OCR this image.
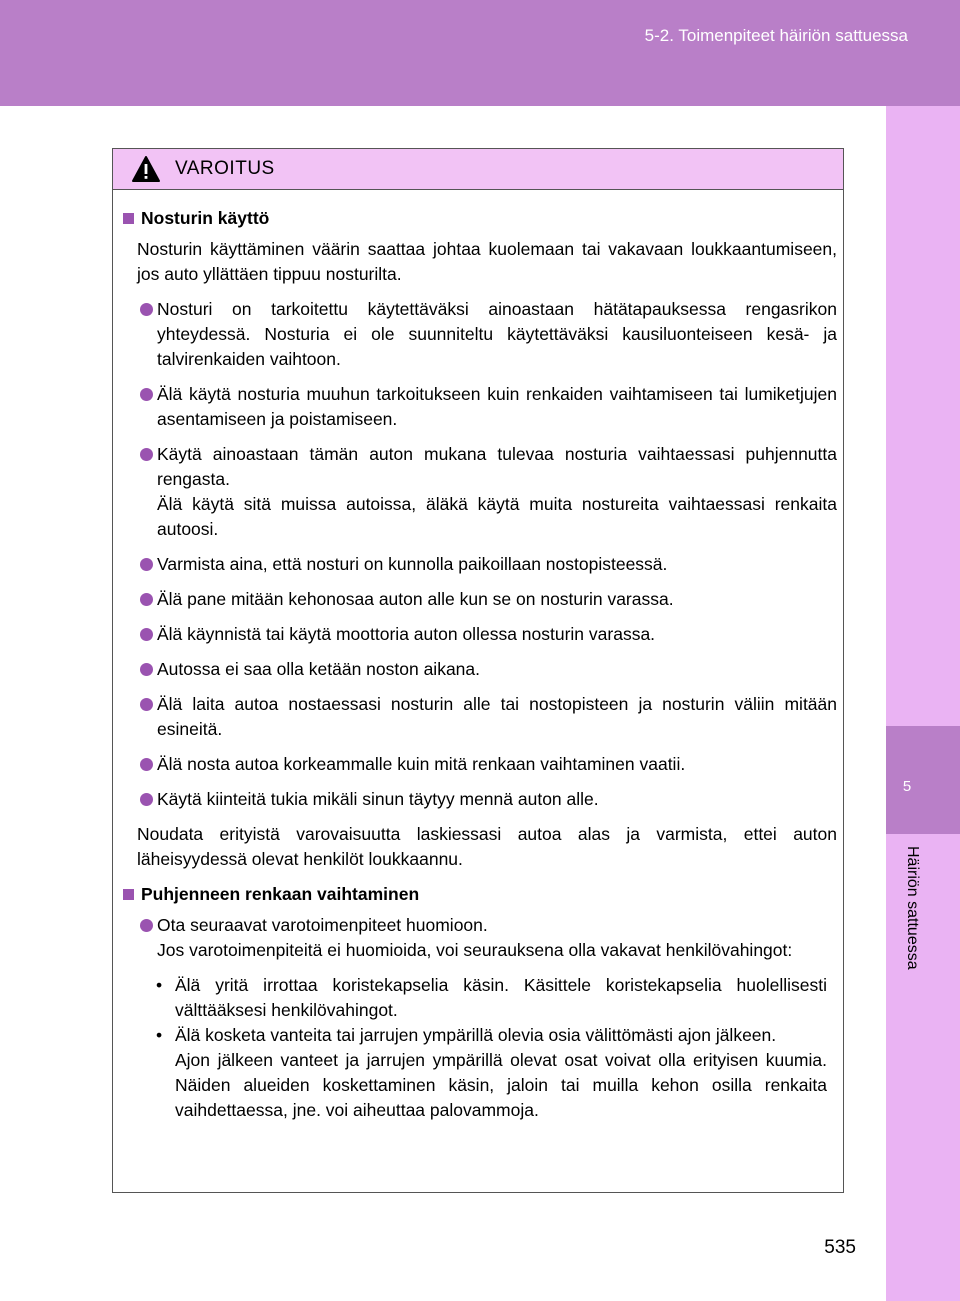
5-2. Toimenpiteet häiriön sattuessa
5
Häiriön sattuessa
VAROITUS
Nosturin käyttö
Nosturin käyttäminen väärin saattaa johtaa kuolemaan tai vakavaan loukkaantumiseen, jos auto yllättäen tippuu nosturilta.
Nosturi on tarkoitettu käytettäväksi ainoastaan hätätapauksessa rengasrikon yhteydessä. Nosturia ei ole suunniteltu käytettäväksi kausiluonteiseen kesä- ja talvirenkaiden vaihtoon.
Älä käytä nosturia muuhun tarkoitukseen kuin renkaiden vaihtamiseen tai lumiketjujen asentamiseen ja poistamiseen.
Käytä ainoastaan tämän auton mukana tulevaa nosturia vaihtaessasi puhjennutta rengasta.
Älä käytä sitä muissa autoissa, äläkä käytä muita nostureita vaihtaessasi renkaita autoosi.
Varmista aina, että nosturi on kunnolla paikoillaan nostopisteessä.
Älä pane mitään kehonosaa auton alle kun se on nosturin varassa.
Älä käynnistä tai käytä moottoria auton ollessa nosturin varassa.
Autossa ei saa olla ketään noston aikana.
Älä laita autoa nostaessasi nosturin alle tai nostopisteen ja nosturin väliin mitään esineitä.
Älä nosta autoa korkeammalle kuin mitä renkaan vaihtaminen vaatii.
Käytä kiinteitä tukia mikäli sinun täytyy mennä auton alle.
Noudata erityistä varovaisuutta laskiessasi autoa alas ja varmista, ettei auton läheisyydessä olevat henkilöt loukkaannu.
Puhjenneen renkaan vaihtaminen
Ota seuraavat varotoimenpiteet huomioon.
Jos varotoimenpiteitä ei huomioida, voi seurauksena olla vakavat henkilövahingot:
• Älä yritä irrottaa koristekapselia käsin. Käsittele koristekapselia huolellisesti välttääksesi henkilövahingot.
• Älä kosketa vanteita tai jarrujen ympärillä olevia osia välittömästi ajon jälkeen.
Ajon jälkeen vanteet ja jarrujen ympärillä olevat osat voivat olla erityisen kuumia. Näiden alueiden koskettaminen käsin, jaloin tai muilla kehon osilla renkaita vaihdettaessa, jne. voi aiheuttaa palovammoja.
535
